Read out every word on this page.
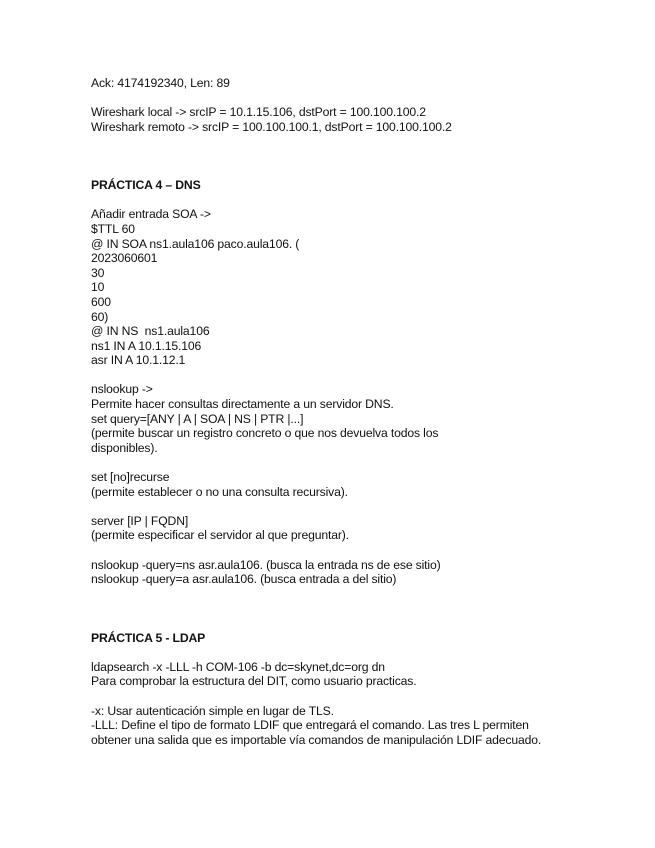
Ack: 4174192340, Len: 89
Wireshark local -> srcIP = 10.1.15.106, dstPort = 100.100.100.2
Wireshark remoto -> srcIP = 100.100.100.1, dstPort = 100.100.100.2
PRÁCTICA 4 – DNS
Añadir entrada SOA ->
$TTL 60
@ IN SOA ns1.aula106 paco.aula106. (
2023060601
30
10
600
60)
@ IN NS  ns1.aula106
ns1 IN A 10.1.15.106
asr IN A 10.1.12.1
nslookup ->
Permite hacer consultas directamente a un servidor DNS.
set query=[ANY | A | SOA | NS | PTR |...]
(permite buscar un registro concreto o que nos devuelva todos los disponibles).
set [no]recurse
(permite establecer o no una consulta recursiva).
server [IP | FQDN]
(permite especificar el servidor al que preguntar).
nslookup -query=ns asr.aula106. (busca la entrada ns de ese sitio)
nslookup -query=a asr.aula106. (busca entrada a del sitio)
PRÁCTICA 5 - LDAP
ldapsearch -x -LLL -h COM-106 -b dc=skynet,dc=org dn
Para comprobar la estructura del DIT, como usuario practicas.
-x: Usar autenticación simple en lugar de TLS.
-LLL: Define el tipo de formato LDIF que entregará el comando. Las tres L permiten obtener una salida que es importable vía comandos de manipulación LDIF adecuado.
